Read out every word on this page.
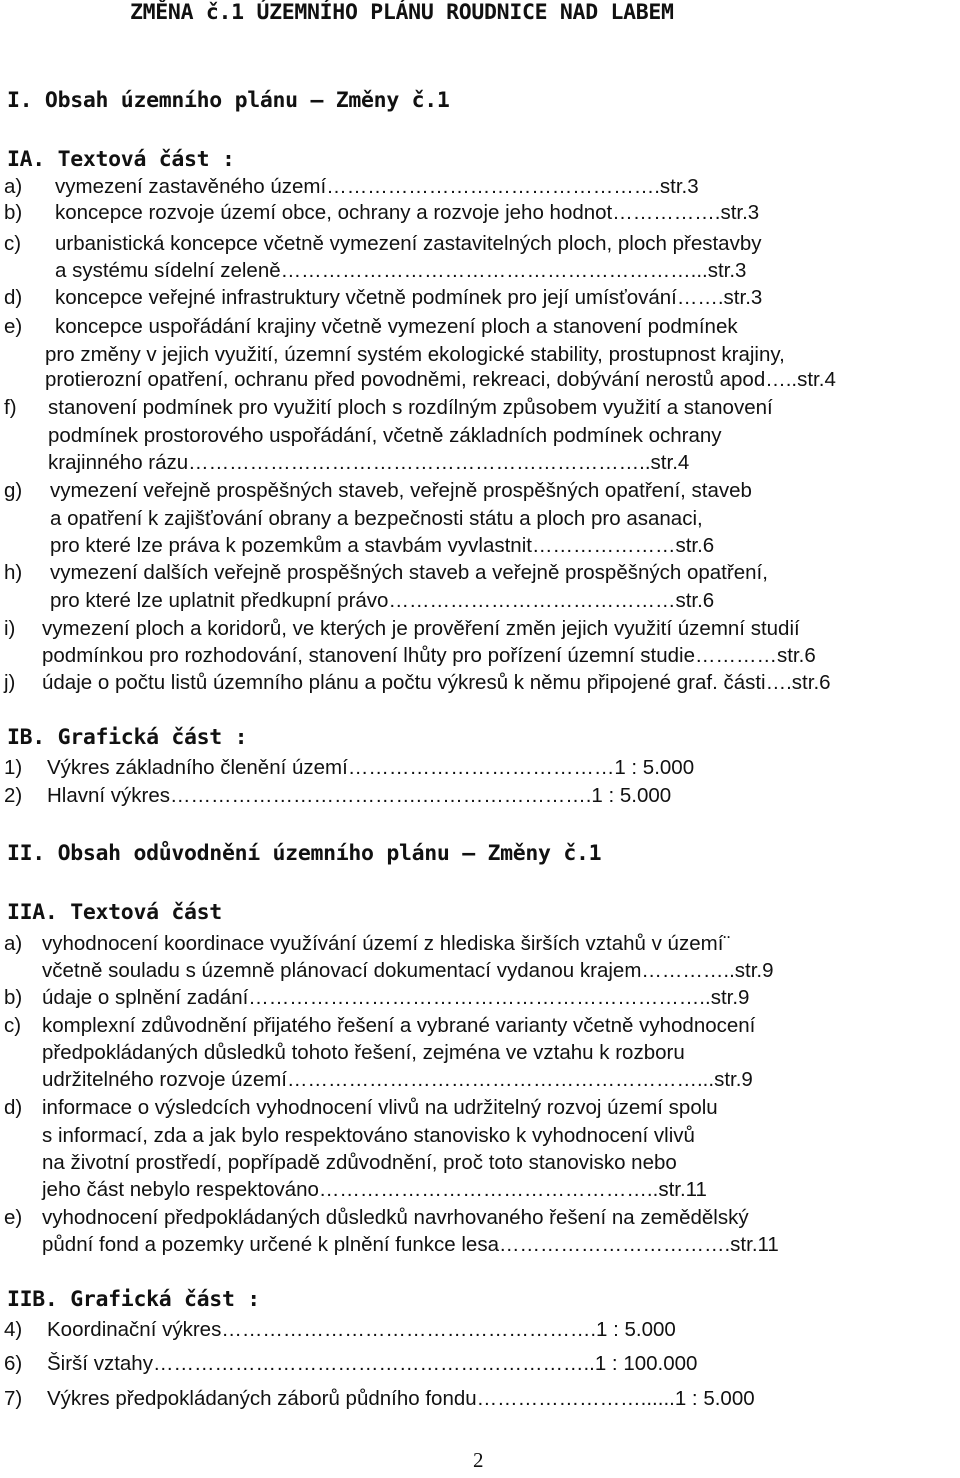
ZMĚNA č.1 ÚZEMNÍHO PLÁNU ROUDNICE NAD LABEM
I. Obsah územního plánu – Změny č.1
IA. Textová část :
IB. Grafická část :
II. Obsah odůvodnění územního plánu – Změny č.1
IIA. Textová část
IIB. Grafická část :
a) vymezení zastavěného území………………………………………….str.3
b) koncepce rozvoje území obce, ochrany a rozvoje jeho hodnot…………….str.3
c) urbanistická koncepce včetně vymezení zastavitelných ploch, ploch přestavby
a systému sídelní zeleně……………………………………………………...str.3
d) koncepce veřejné infrastruktury včetně podmínek pro její umísťování…….str.3
e) koncepce uspořádání krajiny včetně vymezení ploch a stanovení podmínek
pro změny v jejich využití, územní systém ekologické stability, prostupnost krajiny,
protierozní opatření, ochranu před povodněmi, rekreaci, dobývání nerostů apod…..str.4
f) stanovení podmínek pro využití ploch s rozdílným způsobem využití a stanovení
podmínek prostorového uspořádání, včetně základních podmínek ochrany
krajinného rázu…………………………………………………………..str.4
g) vymezení veřejně prospěšných staveb, veřejně prospěšných opatření, staveb
a opatření k zajišťování obrany a bezpečnosti státu a ploch pro asanaci,
pro které lze práva k pozemkům a stavbám vyvlastnit…………………str.6
h) vymezení dalších veřejně prospěšných staveb a veřejně prospěšných opatření,
pro které lze uplatnit předkupní právo……………………………………str.6
i) vymezení ploch a koridorů, ve kterých je prověření změn jejich využití územní studií
podmínkou pro rozhodování, stanovení lhůty pro pořízení územní studie…………str.6
j) údaje o počtu listů územního plánu a počtu výkresů k němu připojené graf. části….str.6
1) Výkres základního členění území…………………………………1 : 5.000
2) Hlavní výkres……………………………….…………………….1 : 5.000
a) vyhodnocení koordinace využívání území z hlediska širších vztahů v území¨
včetně souladu s územně plánovací dokumentací vydanou krajem…………..str.9
b) údaje o splnění zadání…………………………………………………………..str.9
c) komplexní zdůvodnění přijatého řešení a vybrané varianty včetně vyhodnocení
předpokládaných důsledků tohoto řešení, zejména ve vztahu k rozboru
udržitelného rozvoje území……………………………………………………...str.9
d) informace o výsledcích vyhodnocení vlivů na udržitelný rozvoj území spolu
s informací, zda a jak bylo respektováno stanovisko k vyhodnocení vlivů
na životní prostředí, popřípadě zdůvodnění, proč toto stanovisko nebo
jeho část nebylo respektováno…………………………………………..str.11
e) vyhodnocení předpokládaných důsledků navrhovaného řešení na zemědělský
půdní fond a pozemky určené k plnění funkce lesa…………………………….str.11
4) Koordinační výkres……………………………………………….1 : 5.000
6) Širší vztahy………………………………………………………..1 : 100.000
7) Výkres předpokládaných záborů půdního fondu……………………......1 : 5.000
2
